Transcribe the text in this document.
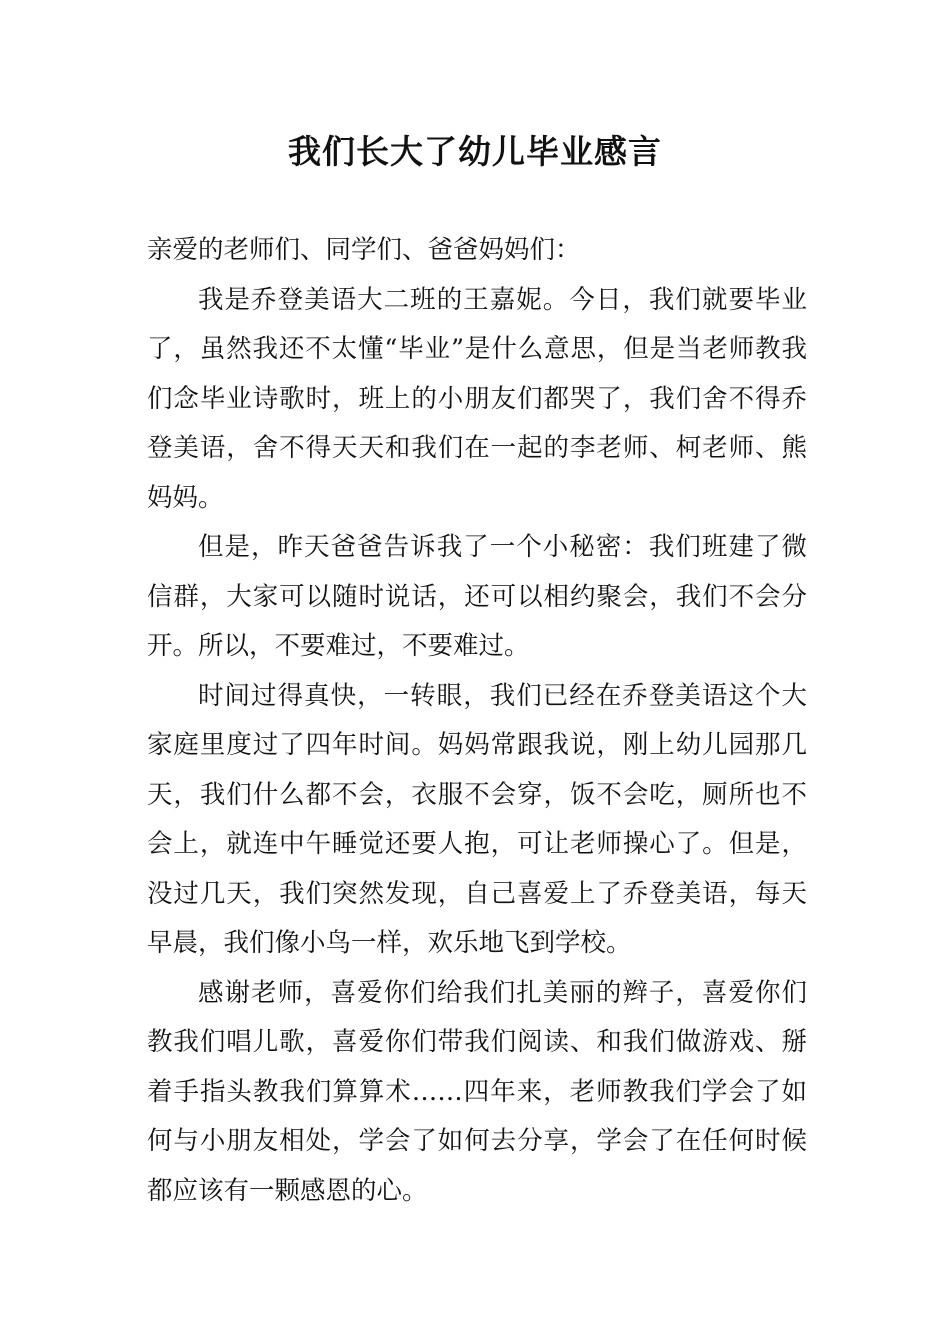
我们长大了幼儿毕业感言

亲爱的老师们、同学们、爸爸妈妈们：

我是乔登美语大二班的王嘉妮。今日，我们就要毕业了，虽然我还不太懂“毕业”是什么意思，但是当老师教我们念毕业诗歌时，班上的小朋友们都哭了，我们舍不得乔登美语，舍不得天天和我们在一起的李老师、柯老师、熊妈妈。

但是，昨天爸爸告诉我了一个小秘密：我们班建了微信群，大家可以随时说话，还可以相约聚会，我们不会分开。所以，不要难过，不要难过。

时间过得真快，一转眼，我们已经在乔登美语这个大家庭里度过了四年时间。妈妈常跟我说，刚上幼儿园那几天，我们什么都不会，衣服不会穿，饭不会吃，厕所也不会上，就连中午睡觉还要人抱，可让老师操心了。但是，没过几天，我们突然发现，自己喜爱上了乔登美语，每天早晨，我们像小鸟一样，欢乐地飞到学校。

感谢老师，喜爱你们给我们扎美丽的辫子，喜爱你们教我们唱儿歌，喜爱你们带我们阅读、和我们做游戏、掰着手指头教我们算算术……四年来，老师教我们学会了如何与小朋友相处，学会了如何去分享，学会了在任何时候都应该有一颗感恩的心。
